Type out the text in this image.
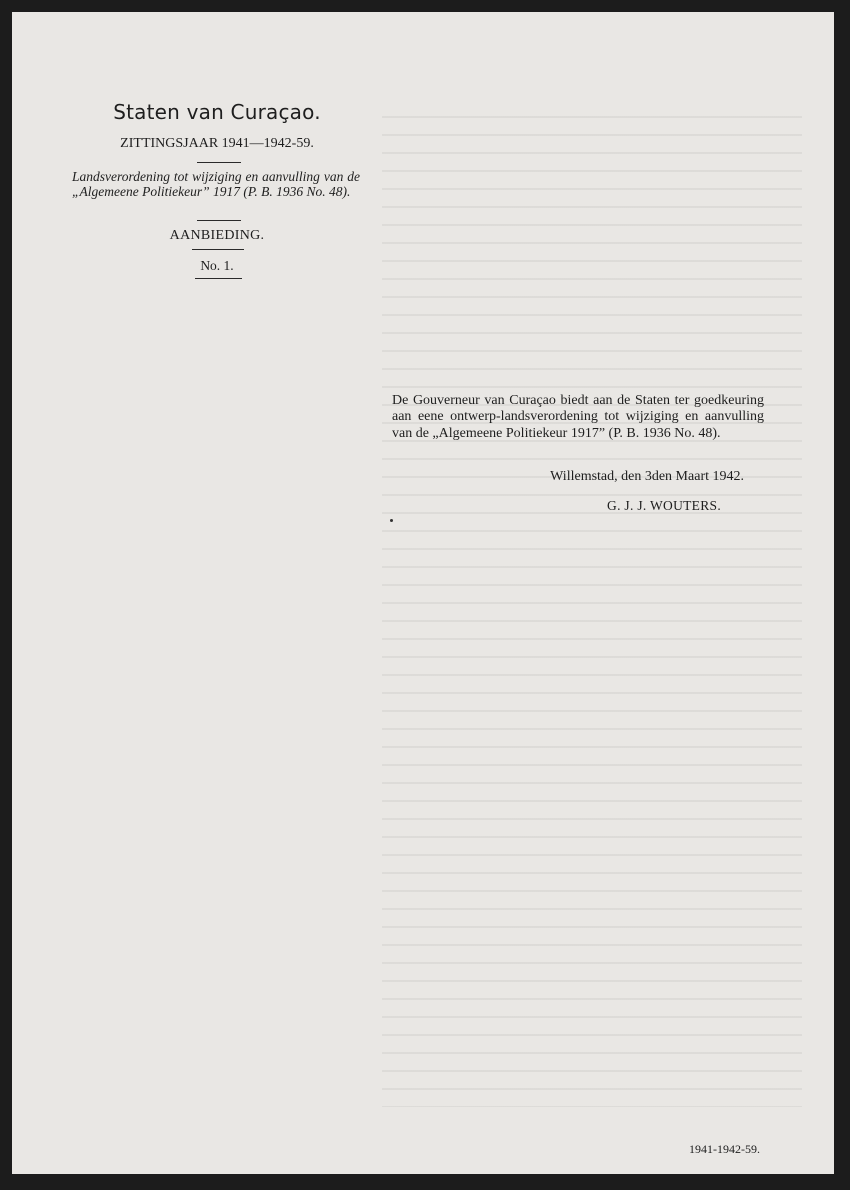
Staten van Curaçao.
ZITTINGSJAAR 1941—1942-59.
Landsverordening tot wijziging en aanvulling van de „Algemeene Politiekeur” 1917 (P. B. 1936 No. 48).
AANBIEDING.
No. 1.
De Gouverneur van Curaçao biedt aan de Staten ter goedkeuring aan eene ontwerp-landsverordening tot wijziging en aanvulling van de „Algemeene Politiekeur 1917” (P. B. 1936 No. 48).
Willemstad, den 3den Maart 1942.
G. J. J. WOUTERS.
1941-1942-59.
